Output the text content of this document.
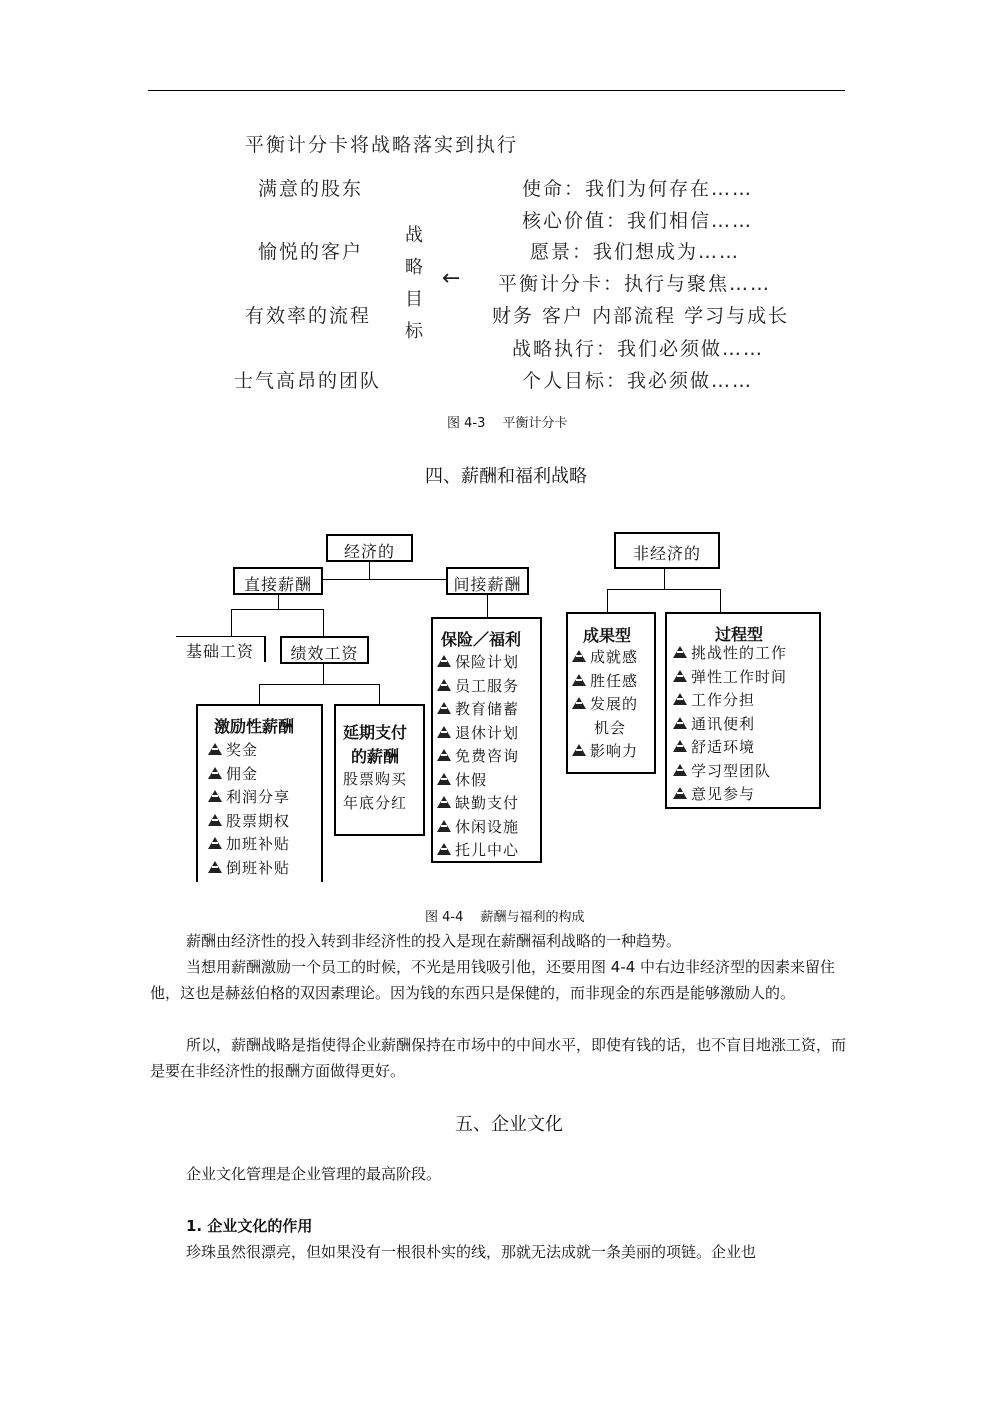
平衡计分卡将战略落实到执行
满意的股东
愉悦的客户
有效率的流程
士气高昂的团队
战
略
目
标
←
使命：我们为何存在……
核心价值：我们相信……
愿景：我们想成为……
平衡计分卡：执行与聚焦……
财务 客户 内部流程 学习与成长
战略执行：我们必须做……
个人目标：我必须做……
图 4-3　 平衡计分卡
四、薪酬和福利战略
经济的
直接薪酬	间接薪酬
基础工资	绩效工资
激励性薪酬
奖金
佣金
利润分享
股票期权
加班补贴
倒班补贴
延期支付
的薪酬
股票购买
年底分红
保险／福利
保险计划
员工服务
教育储蓄
退休计划
免费咨询
休假
缺勤支付
休闲设施
托儿中心
非经济的
成果型
成就感
胜任感
发展的
机会
影响力
过程型
挑战性的工作
弹性工作时间
工作分担
通讯便利
舒适环境
学习型团队
意见参与
图 4-4　 薪酬与福利的构成
薪酬由经济性的投入转到非经济性的投入是现在薪酬福利战略的一种趋势。
当想用薪酬激励一个员工的时候，不光是用钱吸引他，还要用图 4-4 中右边非经济型的因素来留住他，这也是赫兹伯格的双因素理论。因为钱的东西只是保健的，而非现金的东西是能够激励人的。
所以，薪酬战略是指使得企业薪酬保持在市场中的中间水平，即使有钱的话，也不盲目地涨工资，而是要在非经济性的报酬方面做得更好。
五、企业文化
企业文化管理是企业管理的最高阶段。
1. 企业文化的作用
珍珠虽然很漂亮，但如果没有一根很朴实的线，那就无法成就一条美丽的项链。企业也
